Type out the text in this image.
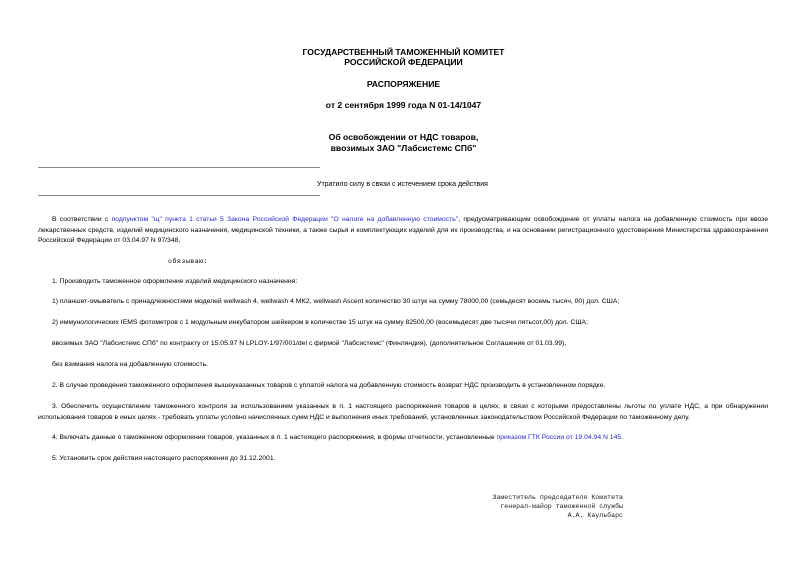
ГОСУДАРСТВЕННЫЙ ТАМОЖЕННЫЙ КОМИТЕТ
РОССИЙСКОЙ ФЕДЕРАЦИИ
РАСПОРЯЖЕНИЕ
от 2 сентября 1999 года N 01-14/1047
Об освобождении от НДС товаров,
ввозимых ЗАО "Лабсистемс СПб"
Утратило силу в связи с истечением срока действия
В соответствии с подпунктом "щ" пункта 1 статьи 5 Закона Российской Федерации "О налоге на добавленную стоимость", предусматривающим освобождение от уплаты налога на добавленную стоимость при ввозе лекарственных средств, изделий медицинского назначения, медицинской техники, а также сырья и комплектующих изделий для их производства, и на основании регистрационного удостоверения Министерства здравоохранения Российской Федерации от 03.04.97 N 97/348,
обязываю:
1. Производить таможенное оформление изделий медицинского назначения:
1) планшет-омыватель с принадлежностями моделей wellwash 4, wellwash 4 MK2, wellwash Ascent количество 30 штук на сумму 78000,00 (семьдесят восемь тысяч, 00) дол. США;
2) иммунологических IEMS фотометров с 1 модульным инкубатором шейкером в количестве 15 штук на сумму 82500,00 (восемьдесят две тысячи пятьсот,00) дол. США;
ввозимых ЗАО "Лабсистемс СПб" по контракту от 15.05.97 N LPLOY-1/97/001/del с фирмой "Лабсистемс" (Финляндия), (дополнительное Соглашение от 01.03.99),
без взимания налога на добавленную стоимость.
2. В случае проведения таможенного оформления вышеуказанных товаров с уплатой налога на добавленную стоимость возврат НДС производить в установленном порядке.
3. Обеспечить осуществление таможенного контроля за использованием указанных в п. 1 настоящего распоряжения товаров в целях, в связи с которыми предоставлены льготы по уплате НДС, а при обнаружении использования товаров в иных целях - требовать уплаты условно начисленных сумм НДС и выполнения иных требований, установленных законодательством Российской Федерации по таможенному делу.
4. Включать данные о таможенном оформлении товаров, указанных в п. 1 настоящего распоряжения, в формы отчетности, установленные приказом ГТК России от 19.04.94 N 145.
5. Установить срок действия настоящего распоряжения до 31.12.2001.
Заместитель председателя Комитета
генерал-майор таможенной службы
А.А. Каульбарс
